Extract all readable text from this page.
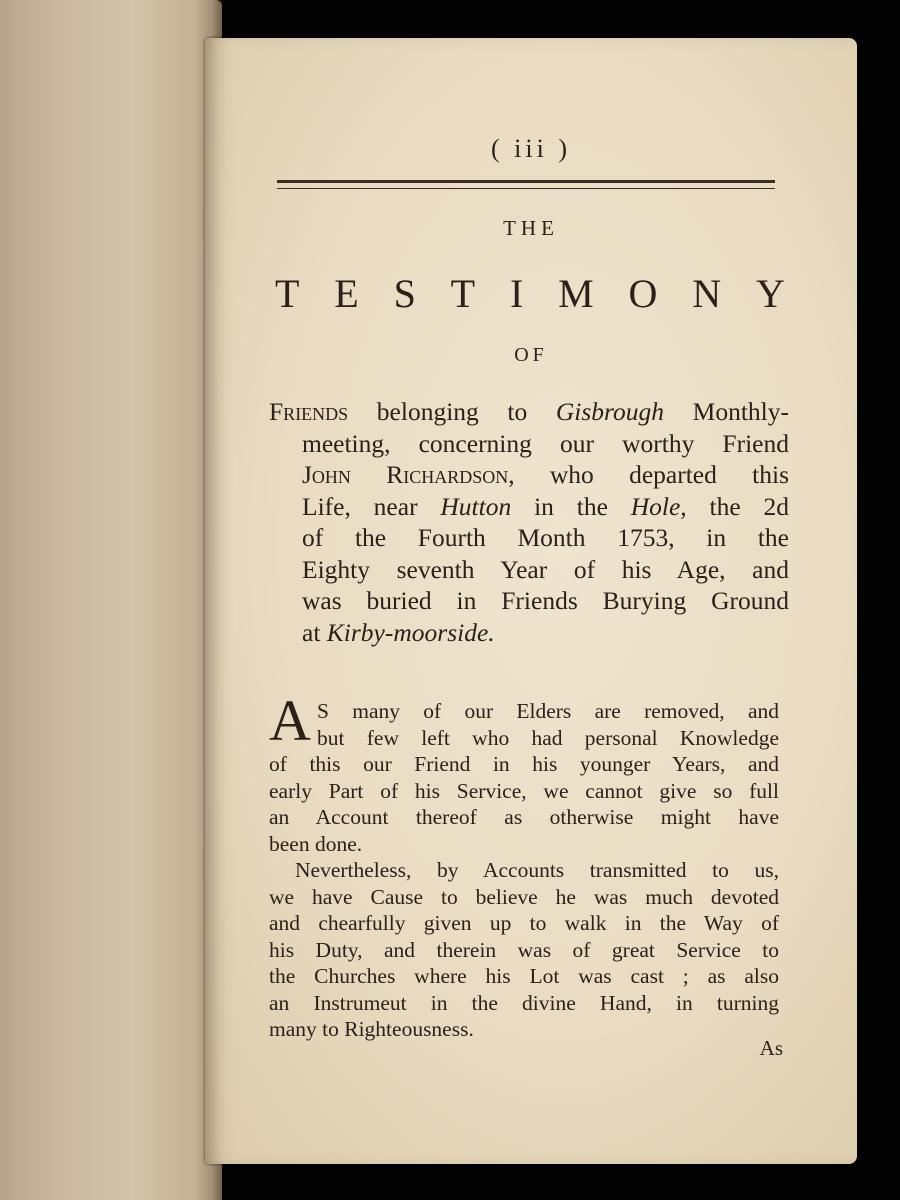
( iii )
THE
T E S T I M O N Y
OF
Friends belonging to Gisbrough Monthly-
meeting, concerning our worthy Friend
John Richardson, who departed this
Life, near Hutton in the Hole, the 2d
of the Fourth Month 1753, in the
Eighty seventh Year of his Age, and
was buried in Friends Burying Ground
at Kirby-moorside.
A S many of our Elders are removed, and
but few left who had personal Knowledge
of this our Friend in his younger Years, and
early Part of his Service, we cannot give so full
an Account thereof as otherwise might have
been done.
Nevertheless, by Accounts transmitted to us,
we have Cause to believe he was much devoted
and chearfully given up to walk in the Way of
his Duty, and therein was of great Service to
the Churches where his Lot was cast ; as also
an Instrumeut in the divine Hand, in turning
many to Righteousness.
As
